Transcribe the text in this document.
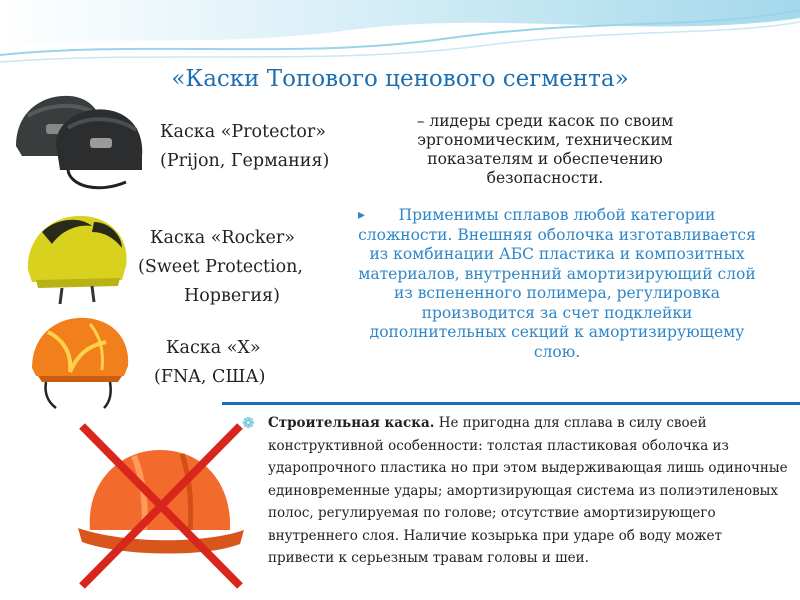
«Каски Топового ценового сегмента»
Каска «Protector»
(Prijon, Германия)
Каска «Rocker»
(Sweet Protection,
Норвегия)
Каска «X»
(FNA, США)
– лидеры среди касок по своим эргономическим, техническим показателям и обеспечению безопасности.
▸ Применимы сплавов любой категории сложности. Внешняя оболочка изготавливается из комбинации АБС пластика и композитных материалов, внутренний амортизирующий слой из вспененного полимера, регулировка производится за счет подклейки дополнительных секций к амортизирующему слою.
❁ Строительная каска. Не пригодна для сплава в силу своей конструктивной особенности: толстая пластиковая оболочка из ударопрочного пластика но при этом выдерживающая лишь одиночные единовременные удары; амортизирующая система из полиэтиленовых полос, регулируемая по голове; отсутствие амортизирующего внутреннего слоя. Наличие козырька при ударе об воду может привести к серьезным травам головы и шеи.
